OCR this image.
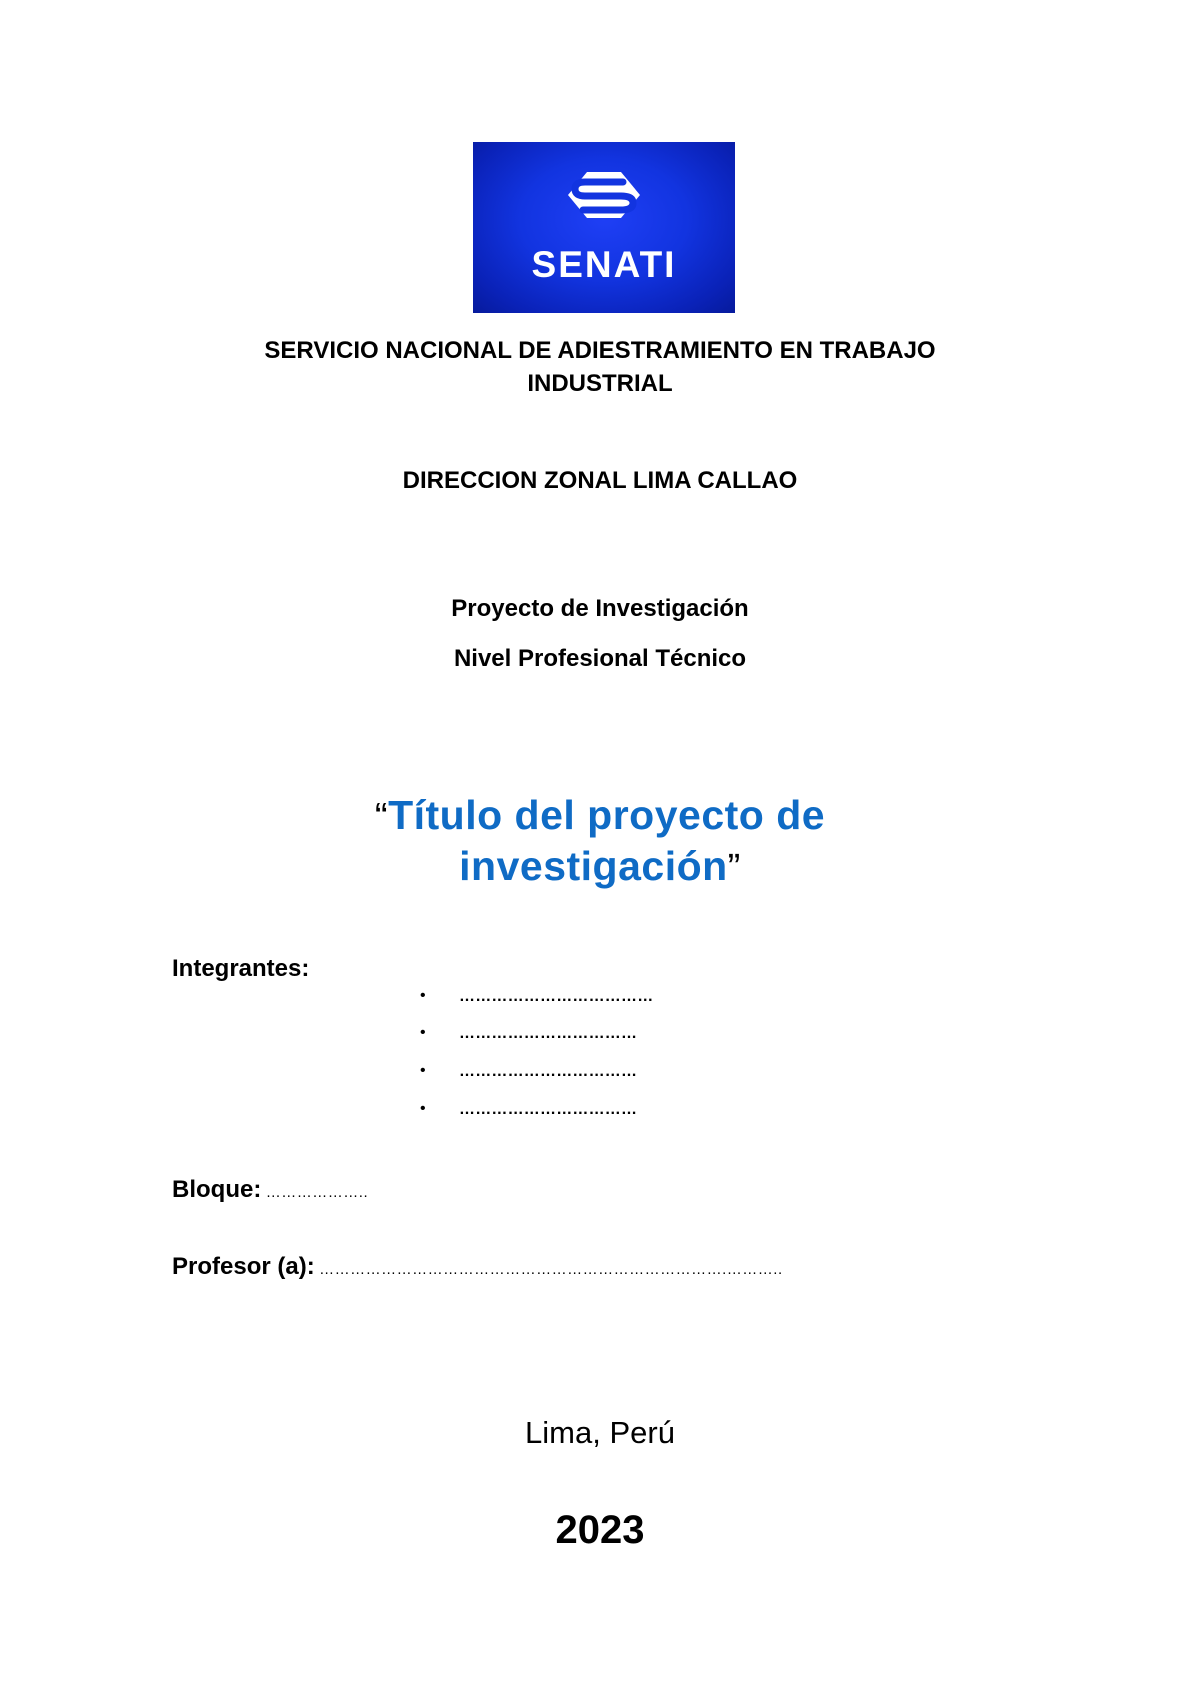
SENATI
SERVICIO NACIONAL DE ADIESTRAMIENTO EN TRABAJO
INDUSTRIAL
DIRECCION ZONAL LIMA CALLAO
Proyecto de Investigación
Nivel Profesional Técnico
“Título del proyecto de
investigación”
Integrantes:
• ………………………………
• ……………………………
• ……………………………
• ……………………………
Bloque: ………………..
Profesor (a): …………………………………………………………………….………..
Lima, Perú
2023
